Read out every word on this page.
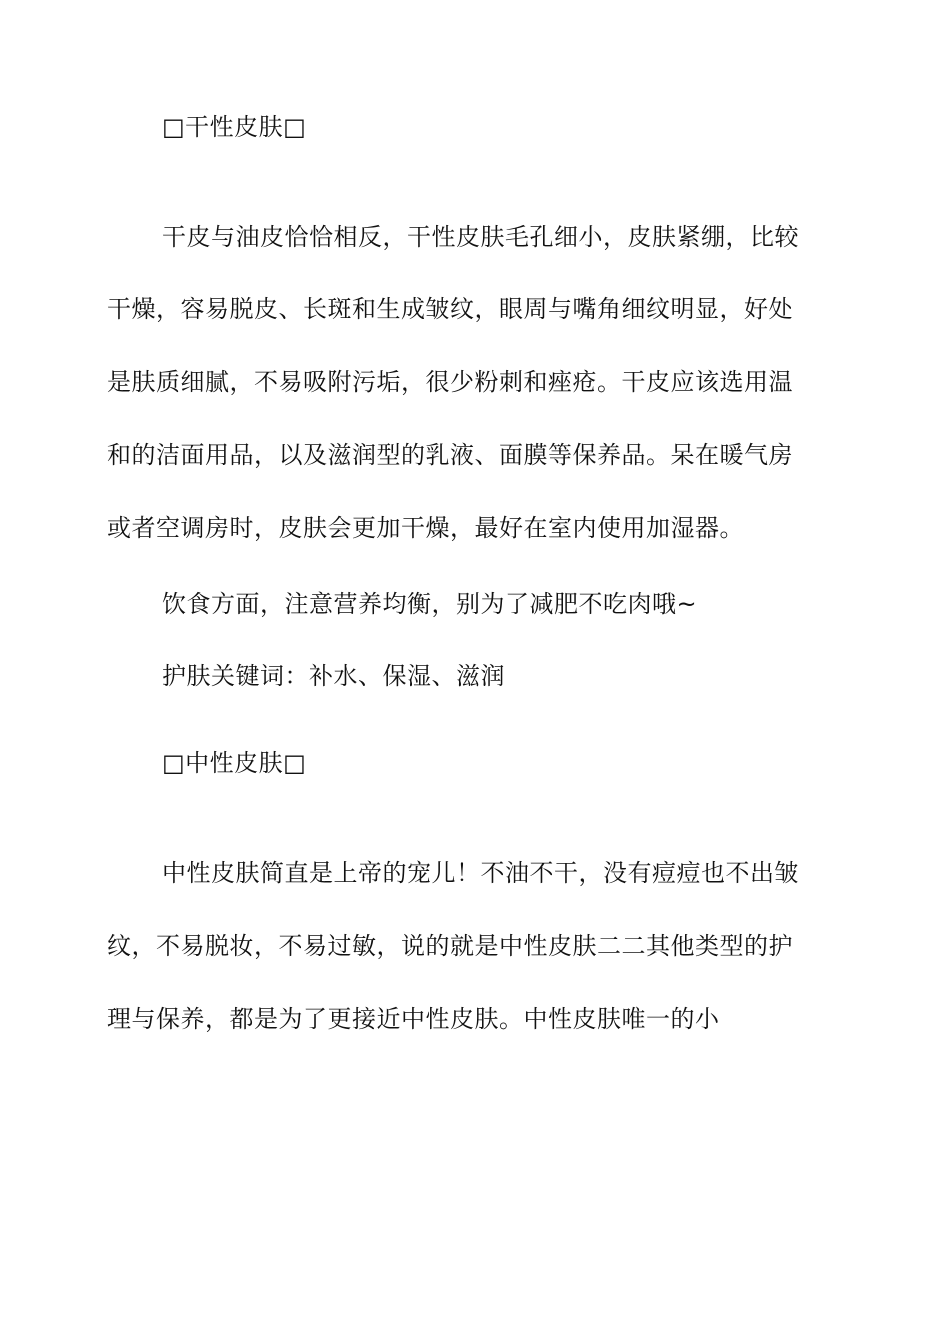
□干性皮肤□
干皮与油皮恰恰相反，干性皮肤毛孔细小，皮肤紧绷，比较
干燥，容易脱皮、长斑和生成皱纹，眼周与嘴角细纹明显，好处
是肤质细腻，不易吸附污垢，很少粉刺和痤疮。干皮应该选用温
和的洁面用品，以及滋润型的乳液、面膜等保养品。呆在暖气房
或者空调房时，皮肤会更加干燥，最好在室内使用加湿器。
饮食方面，注意营养均衡，别为了减肥不吃肉哦~
护肤关键词：补水、保湿、滋润
□中性皮肤□
中性皮肤简直是上帝的宠儿！不油不干，没有痘痘也不出皱
纹，不易脱妆，不易过敏，说的就是中性皮肤二二其他类型的护
理与保养，都是为了更接近中性皮肤。中性皮肤唯一的小
